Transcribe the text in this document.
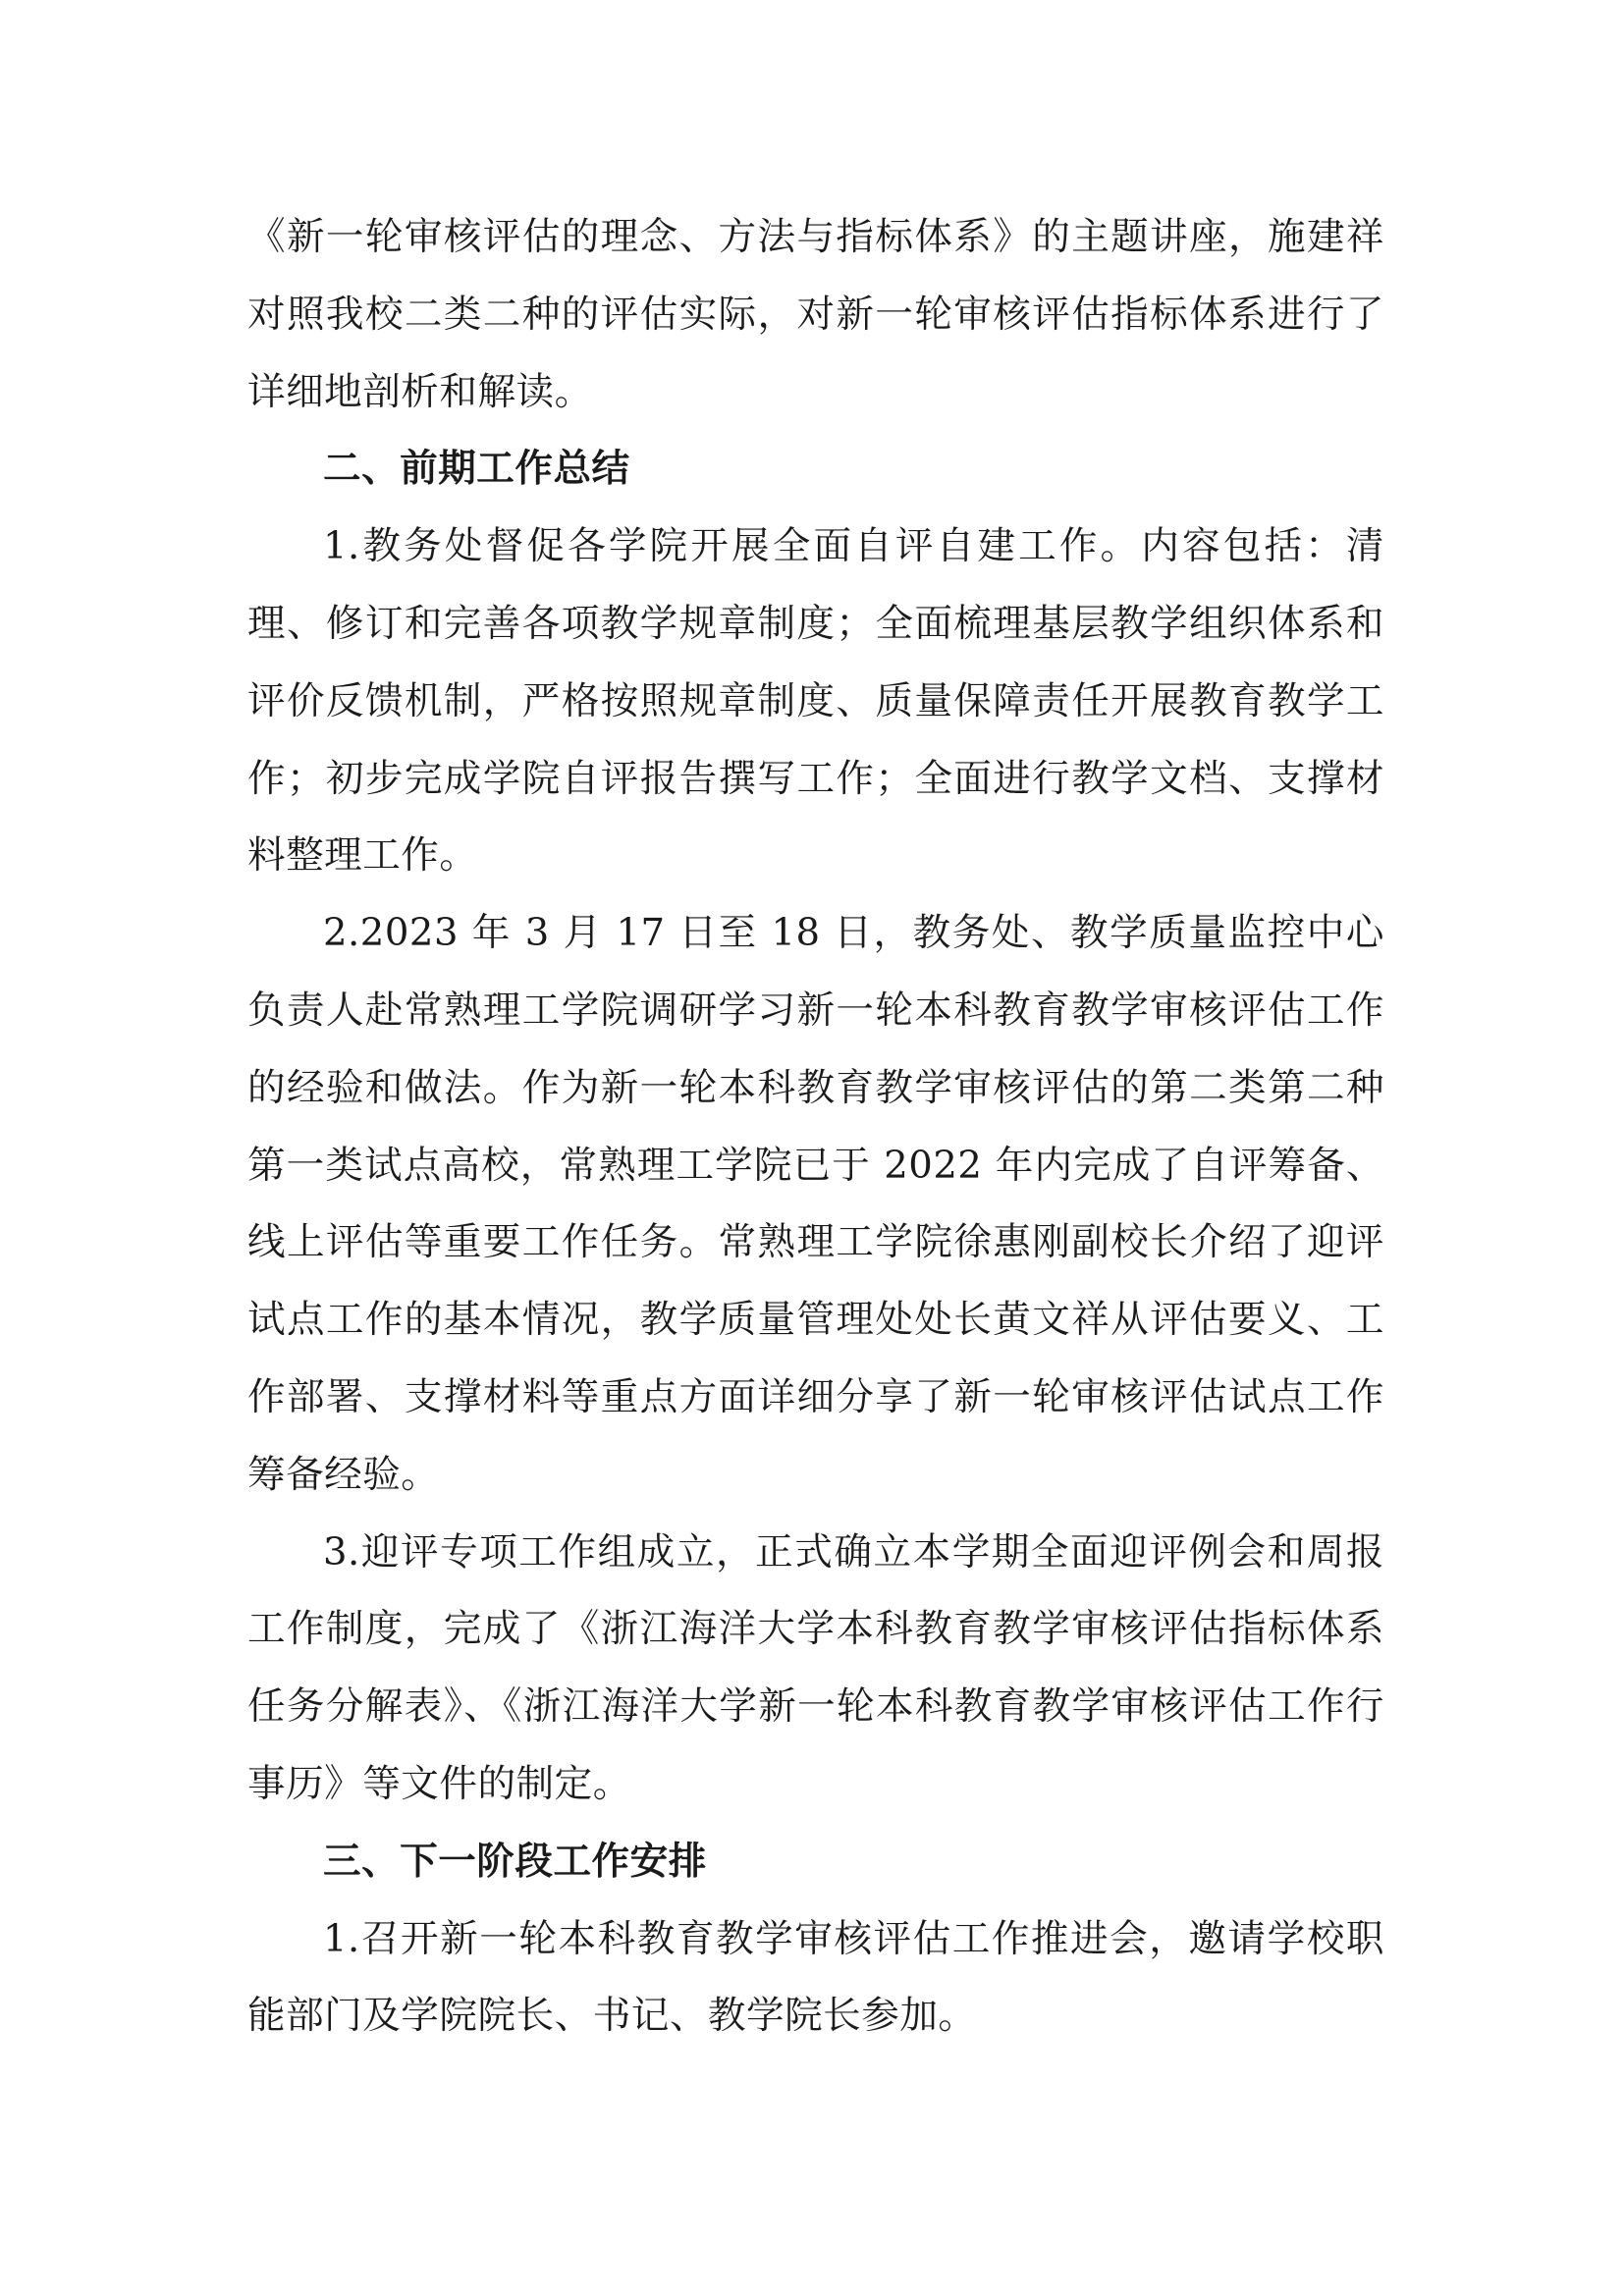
《新一轮审核评估的理念、方法与指标体系》的主题讲座，施建祥对照我校二类二种的评估实际，对新一轮审核评估指标体系进行了详细地剖析和解读。

二、前期工作总结

1.教务处督促各学院开展全面自评自建工作。内容包括：清理、修订和完善各项教学规章制度；全面梳理基层教学组织体系和评价反馈机制，严格按照规章制度、质量保障责任开展教育教学工作；初步完成学院自评报告撰写工作；全面进行教学文档、支撑材料整理工作。

2.2023 年 3 月 17 日至 18 日，教务处、教学质量监控中心负责人赴常熟理工学院调研学习新一轮本科教育教学审核评估工作的经验和做法。作为新一轮本科教育教学审核评估的第二类第二种第一类试点高校，常熟理工学院已于 2022 年内完成了自评筹备、线上评估等重要工作任务。常熟理工学院徐惠刚副校长介绍了迎评试点工作的基本情况，教学质量管理处处长黄文祥从评估要义、工作部署、支撑材料等重点方面详细分享了新一轮审核评估试点工作筹备经验。

3.迎评专项工作组成立，正式确立本学期全面迎评例会和周报工作制度，完成了《浙江海洋大学本科教育教学审核评估指标体系任务分解表》、《浙江海洋大学新一轮本科教育教学审核评估工作行事历》等文件的制定。

三、下一阶段工作安排

1.召开新一轮本科教育教学审核评估工作推进会，邀请学校职能部门及学院院长、书记、教学院长参加。
